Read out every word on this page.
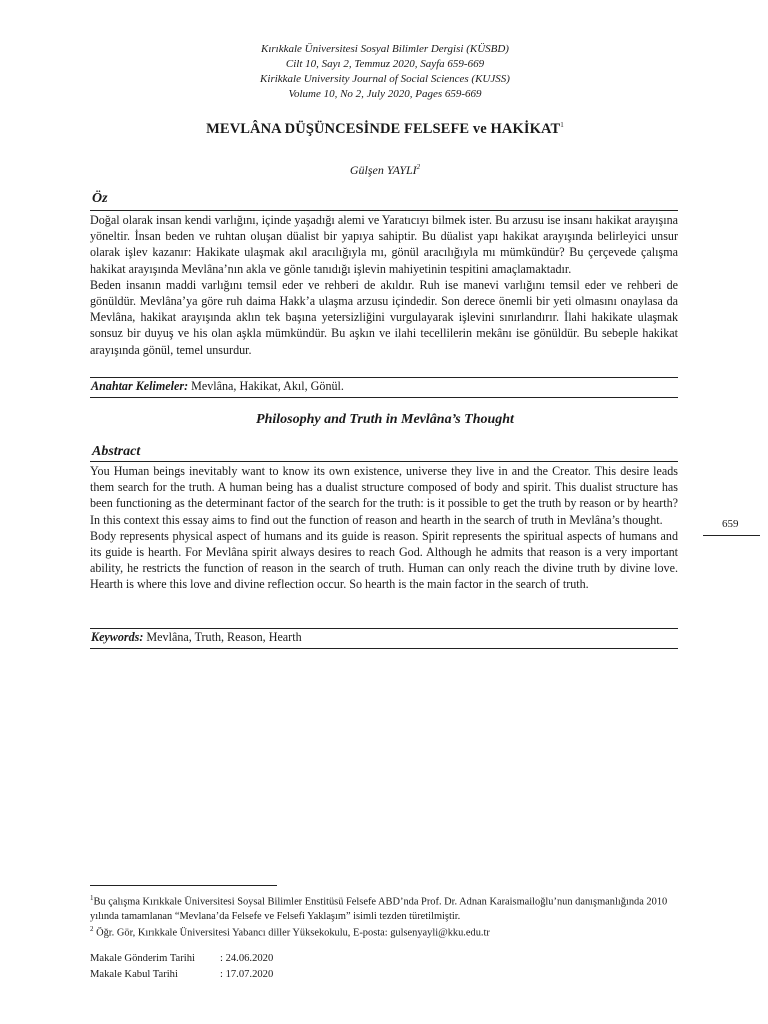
Kırıkkale Üniversitesi Sosyal Bilimler Dergisi (KÜSBD)
Cilt 10, Sayı 2, Temmuz 2020, Sayfa 659-669
Kirikkale University Journal of Social Sciences (KUJSS)
Volume 10, No 2, July 2020, Pages 659-669
MEVLÂNA DÜŞÜNCESİNDE FELSEFE ve HAKİKAT$^1$
Gülşen YAYLI$^2$
Öz

Doğal olarak insan kendi varlığını, içinde yaşadığı alemi ve Yaratıcıyı bilmek ister. Bu arzusu ise insanı hakikat arayışına yöneltir. İnsan beden ve ruhtan oluşan düalist bir yapıya sahiptir. Bu düalist yapı hakikat arayışında belirleyici unsur olarak işlev kazanır: Hakikate ulaşmak akıl aracılığıyla mı, gönül aracılığıyla mı mümkündür? Bu çerçevede çalışma hakikat arayışında Mevlâna’nın akla ve gönle tanıdığı işlevin mahiyetinin tespitini amaçlamaktadır.

Beden insanın maddi varlığını temsil eder ve rehberi de akıldır. Ruh ise manevi varlığını temsil eder ve rehberi de gönüldür. Mevlâna’ya göre ruh daima Hakk’a ulaşma arzusu içindedir. Son derece önemli bir yeti olmasını onaylasa da Mevlâna, hakikat arayışında aklın tek başına yetersizliğini vurgulayarak işlevini sınırlandırır. İlahi hakikate ulaşmak sonsuz bir duyuş ve his olan aşkla mümkündür. Bu aşkın ve ilahi tecellilerin mekânı ise gönüldür. Bu sebeple hakikat arayışında gönül, temel unsurdur.

Anahtar Kelimeler: Mevlâna, Hakikat, Akıl, Gönül.
Philosophy and Truth in Mevlâna’s Thought
Abstract

You Human beings inevitably want to know its own existence, universe they live in and the Creator. This desire leads them search for the truth. A human being has a dualist structure composed of body and spirit. This dualist structure has been functioning as the determinant factor of the search for the truth: is it possible to get the truth by reason or by hearth? In this context this essay aims to find out the function of reason and hearth in the search of truth in Mevlâna’s thought.

Body represents physical aspect of humans and its guide is reason. Spirit represents the spiritual aspects of humans and its guide is hearth. For Mevlâna spirit always desires to reach God. Although he admits that reason is a very important ability, he restricts the function of reason in the search of truth. Human can only reach the divine truth by divine love. Hearth is where this love and divine reflection occur. So hearth is the main factor in the search of truth.

Keywords: Mevlâna, Truth, Reason, Hearth
659
$^1$Bu çalışma Kırıkkale Üniversitesi Soysal Bilimler Enstitüsü Felsefe ABD’nda Prof. Dr. Adnan Karaismailoğlu’nun danışmanlığında 2010 yılında tamamlanan “Mevlana’da Felsefe ve Felsefi Yaklaşım” isimli tezden türetilmiştir.
$^2$ Öğr. Gör, Kırıkkale Üniversitesi Yabancı diller Yüksekokulu, E-posta: gulsenyayli@kku.edu.tr
Makale Gönderim Tarihi : 24.06.2020
Makale Kabul Tarihi	: 17.07.2020
